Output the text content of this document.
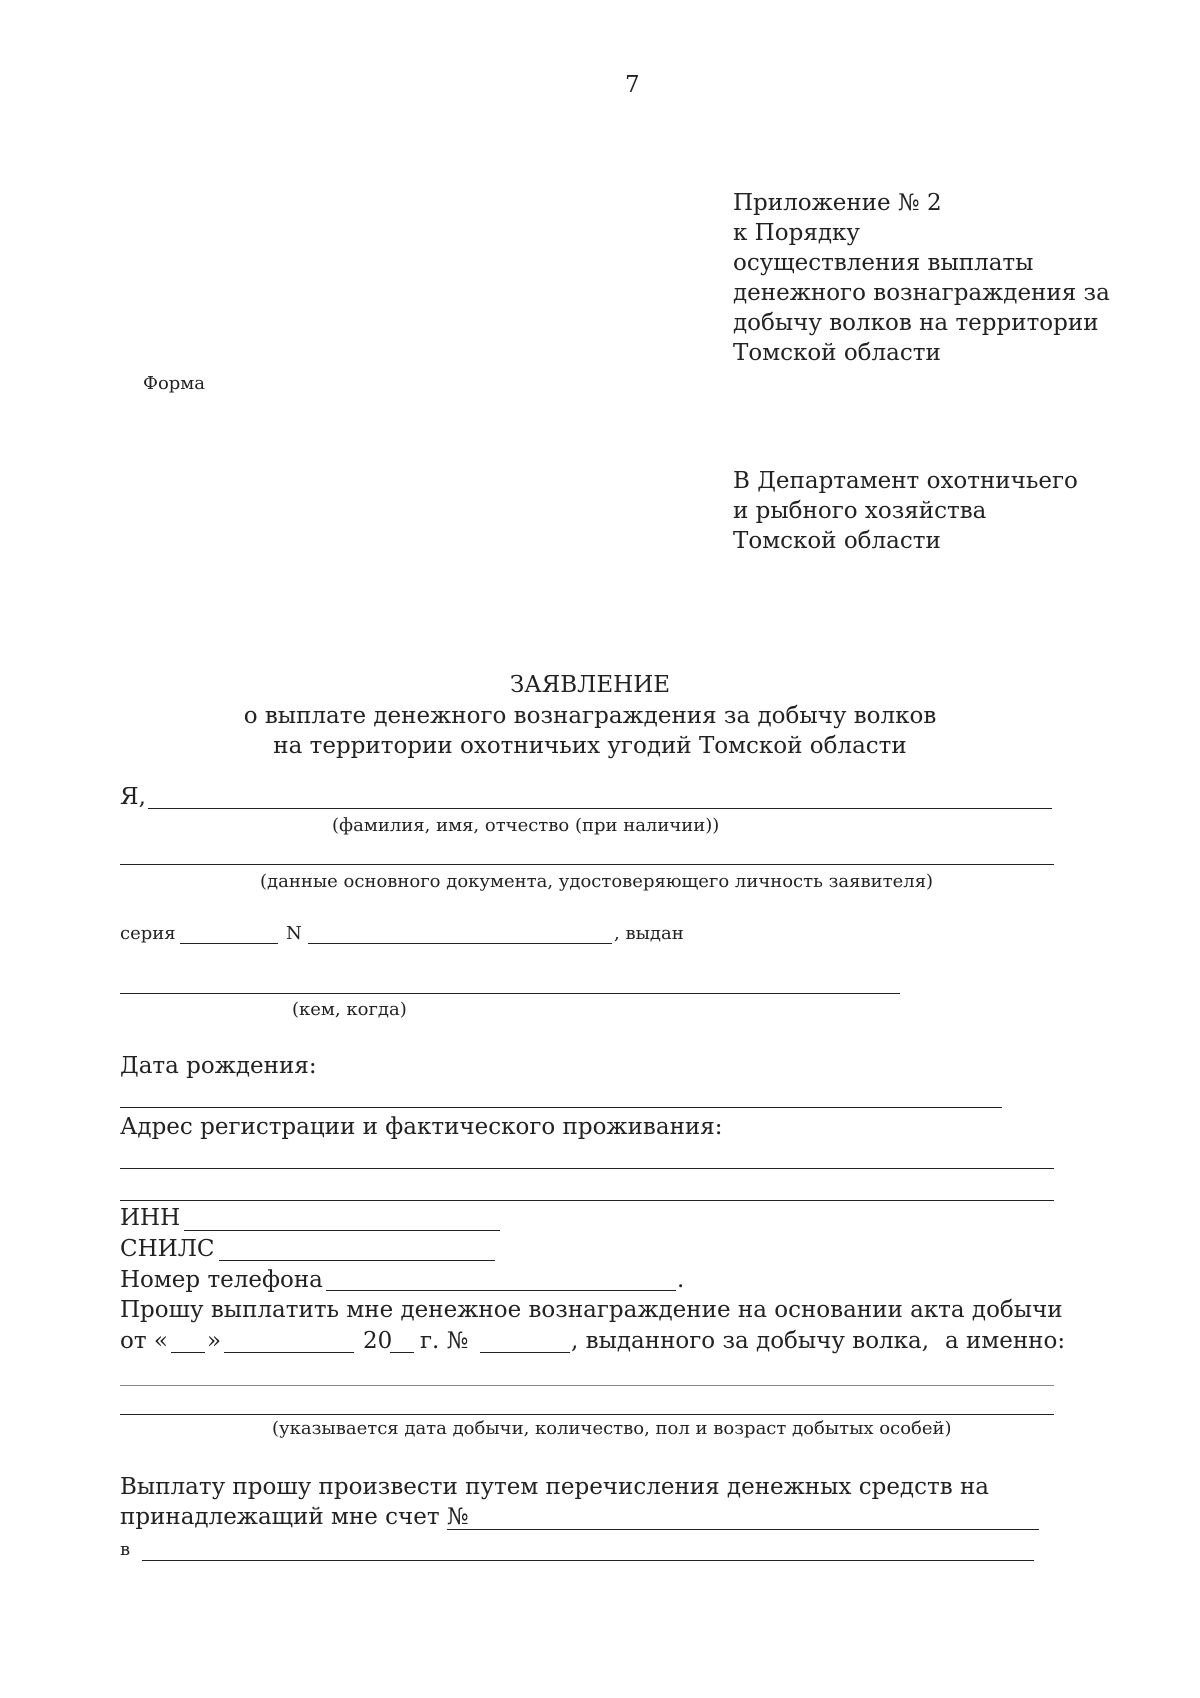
7
Приложение № 2
к Порядку
осуществления выплаты
денежного вознаграждения за
добычу волков на территории
Томской области
Форма
В Департамент охотничьего
и рыбного хозяйства
Томской области
ЗАЯВЛЕНИЕ
о выплате денежного вознаграждения за добычу волков
на территории охотничьих угодий Томской области
Я,
(фамилия, имя, отчество (при наличии))
(данные основного документа, удостоверяющего личность заявителя)
серия	N	, выдан
(кем, когда)
Дата рождения:
Адрес регистрации и фактического проживания:
ИНН
СНИЛС
Номер телефона	.
Прошу выплатить мне денежное вознаграждение на основании акта добычи
от « »	20 г. №	, выданного за добычу волка, а именно:
(указывается дата добычи, количество, пол и возраст добытых особей)
Выплату прошу произвести путем перечисления денежных средств на
принадлежащий мне счет №
в
